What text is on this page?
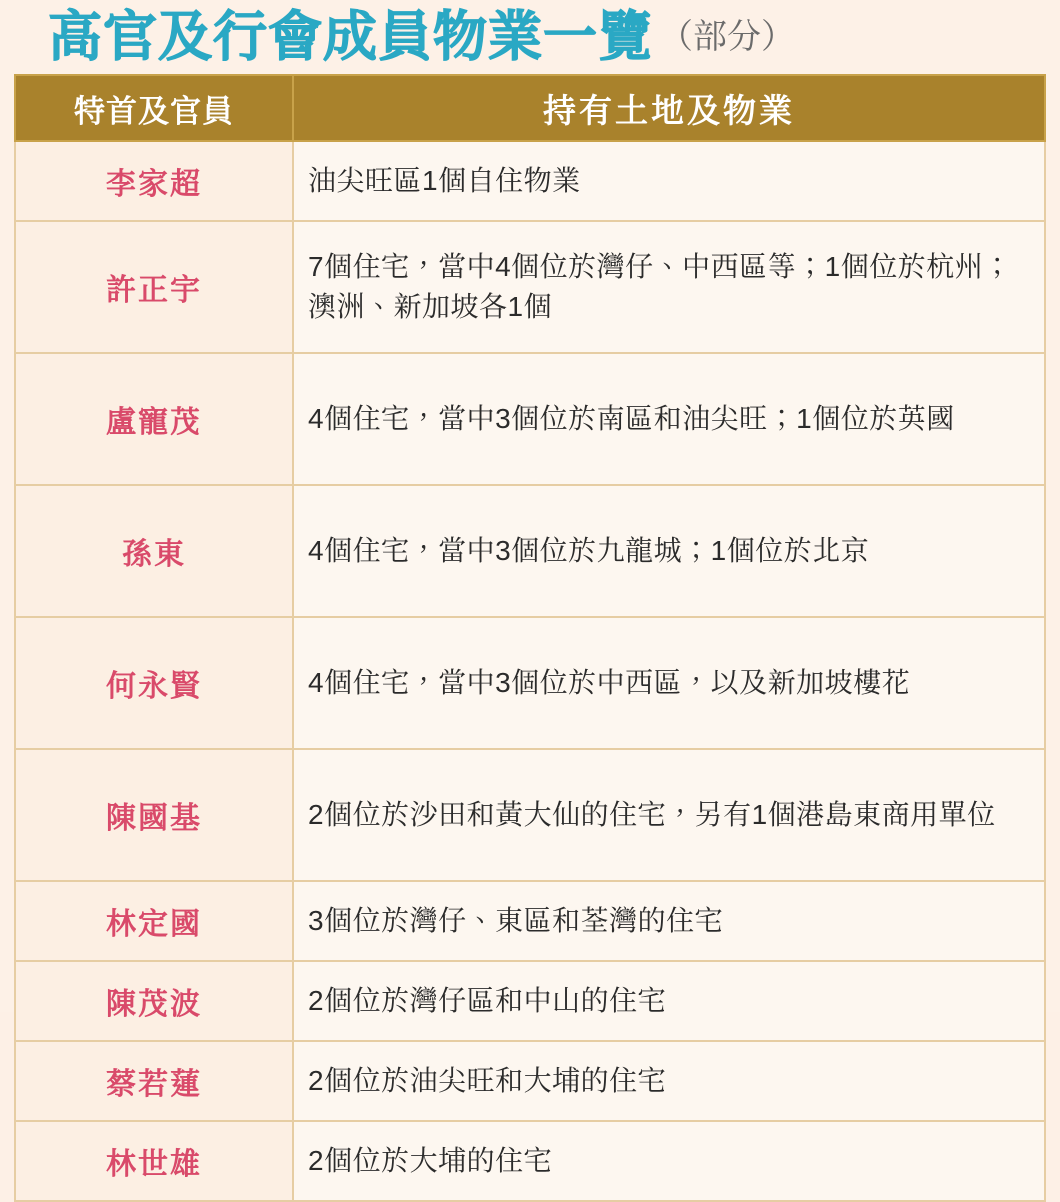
高官及行會成員物業一覽 （部分）
特首及官員	持有土地及物業
李家超	油尖旺區1個自住物業
許正宇	7個住宅，當中4個位於灣仔、中西區等；1個位於杭州；澳洲、新加坡各1個
盧寵茂	4個住宅，當中3個位於南區和油尖旺；1個位於英國
孫東	4個住宅，當中3個位於九龍城；1個位於北京
何永賢	4個住宅，當中3個位於中西區，以及新加坡樓花
陳國基	2個位於沙田和黃大仙的住宅，另有1個港島東商用單位
林定國	3個位於灣仔、東區和荃灣的住宅
陳茂波	2個位於灣仔區和中山的住宅
蔡若蓮	2個位於油尖旺和大埔的住宅
林世雄	2個位於大埔的住宅
